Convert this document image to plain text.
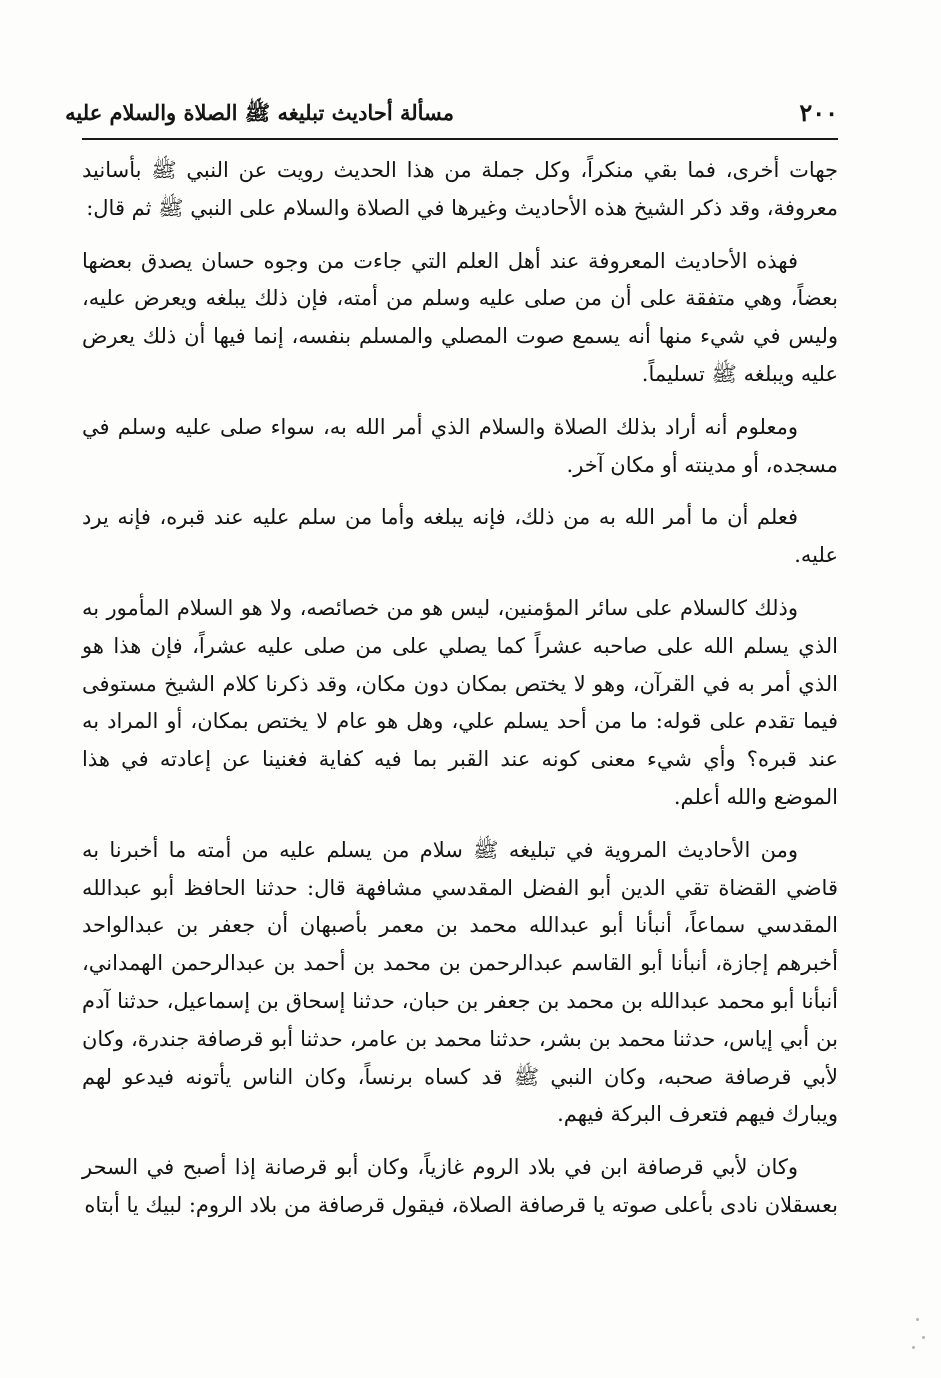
٢٠٠
مسألة أحاديث تبليغه ﷺ الصلاة والسلام عليه

جهات أخرى، فما بقي منكراً، وكل جملة من هذا الحديث رويت عن النبي ﷺ بأسانيد معروفة، وقد ذكر الشيخ هذه الأحاديث وغيرها في الصلاة والسلام على النبي ﷺ ثم قال:

فهذه الأحاديث المعروفة عند أهل العلم التي جاءت من وجوه حسان يصدق بعضها بعضاً، وهي متفقة على أن من صلى عليه وسلم من أمته، فإن ذلك يبلغه ويعرض عليه، وليس في شيء منها أنه يسمع صوت المصلي والمسلم بنفسه، إنما فيها أن ذلك يعرض عليه ويبلغه ﷺ تسليماً.

ومعلوم أنه أراد بذلك الصلاة والسلام الذي أمر الله به، سواء صلى عليه وسلم في مسجده، أو مدينته أو مكان آخر.

فعلم أن ما أمر الله به من ذلك، فإنه يبلغه وأما من سلم عليه عند قبره، فإنه يرد عليه.

وذلك كالسلام على سائر المؤمنين، ليس هو من خصائصه، ولا هو السلام المأمور به الذي يسلم الله على صاحبه عشراً كما يصلي على من صلى عليه عشراً، فإن هذا هو الذي أمر به في القرآن، وهو لا يختص بمكان دون مكان، وقد ذكرنا كلام الشيخ مستوفى فيما تقدم على قوله: ما من أحد يسلم علي، وهل هو عام لا يختص بمكان، أو المراد به عند قبره؟ وأي شيء معنى كونه عند القبر بما فيه كفاية فغنينا عن إعادته في هذا الموضع والله أعلم.

ومن الأحاديث المروية في تبليغه ﷺ سلام من يسلم عليه من أمته ما أخبرنا به قاضي القضاة تقي الدين أبو الفضل المقدسي مشافهة قال: حدثنا الحافظ أبو عبدالله المقدسي سماعاً، أنبأنا أبو عبدالله محمد بن معمر بأصبهان أن جعفر بن عبدالواحد أخبرهم إجازة، أنبأنا أبو القاسم عبدالرحمن بن محمد بن أحمد بن عبدالرحمن الهمداني، أنبأنا أبو محمد عبدالله بن محمد بن جعفر بن حبان، حدثنا إسحاق بن إسماعيل، حدثنا آدم بن أبي إياس، حدثنا محمد بن بشر، حدثنا محمد بن عامر، حدثنا أبو قرصافة جندرة، وكان لأبي قرصافة صحبه، وكان النبي ﷺ قد كساه برنساً، وكان الناس يأتونه فيدعو لهم ويبارك فيهم فتعرف البركة فيهم.

وكان لأبي قرصافة ابن في بلاد الروم غازياً، وكان أبو قرصانة إذا أصبح في السحر بعسقلان نادى بأعلى صوته يا قرصافة الصلاة، فيقول قرصافة من بلاد الروم: لبيك يا أبتاه
